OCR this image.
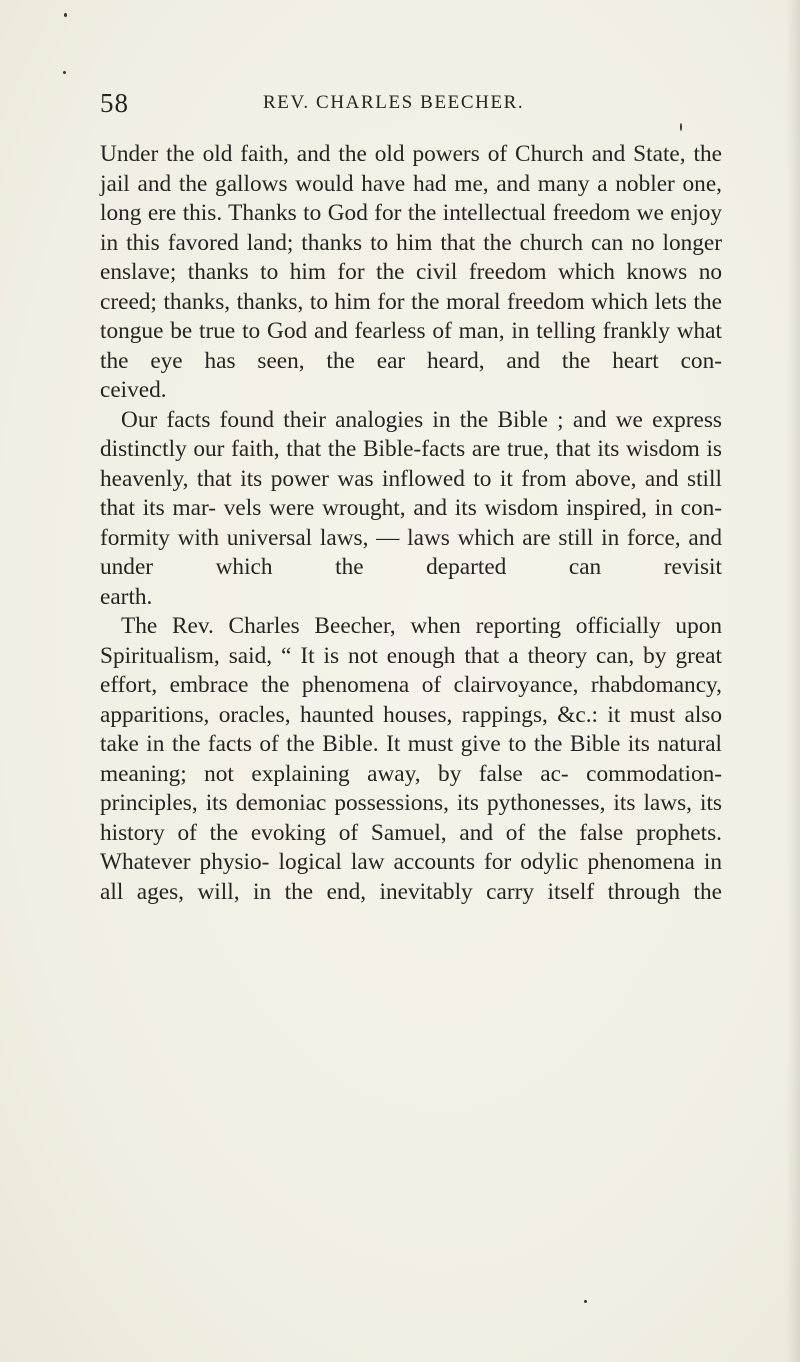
58	REV. CHARLES BEECHER.

Under the old faith, and the old powers of Church and State, the jail and the gallows would have had me, and many a nobler one, long ere this. Thanks to God for the intellectual freedom we enjoy in this favored land; thanks to him that the church can no longer enslave; thanks to him for the civil freedom which knows no creed; thanks, thanks, to him for the moral freedom which lets the tongue be true to God and fearless of man, in telling frankly what the eye has seen, the ear heard, and the heart con-

ceived.

Our facts found their analogies in the Bible ; and we express distinctly our faith, that the Bible-facts are true, that its wisdom is heavenly, that its power was inflowed to it from above, and still that its mar- vels were wrought, and its wisdom inspired, in con- formity with universal laws, — laws which are still in force, and under which the departed can revisit

earth.

The Rev. Charles Beecher, when reporting officially upon Spiritualism, said, “ It is not enough that a theory can, by great effort, embrace the phenomena of clairvoyance, rhabdomancy, apparitions, oracles, haunted houses, rappings, &c.: it must also take in the facts of the Bible. It must give to the Bible its natural meaning; not explaining away, by false ac- commodation-principles, its demoniac possessions, its pythonesses, its laws, its history of the evoking of Samuel, and of the false prophets. Whatever physio- logical law accounts for odylic phenomena in all ages, will, in the end, inevitably carry itself through the
